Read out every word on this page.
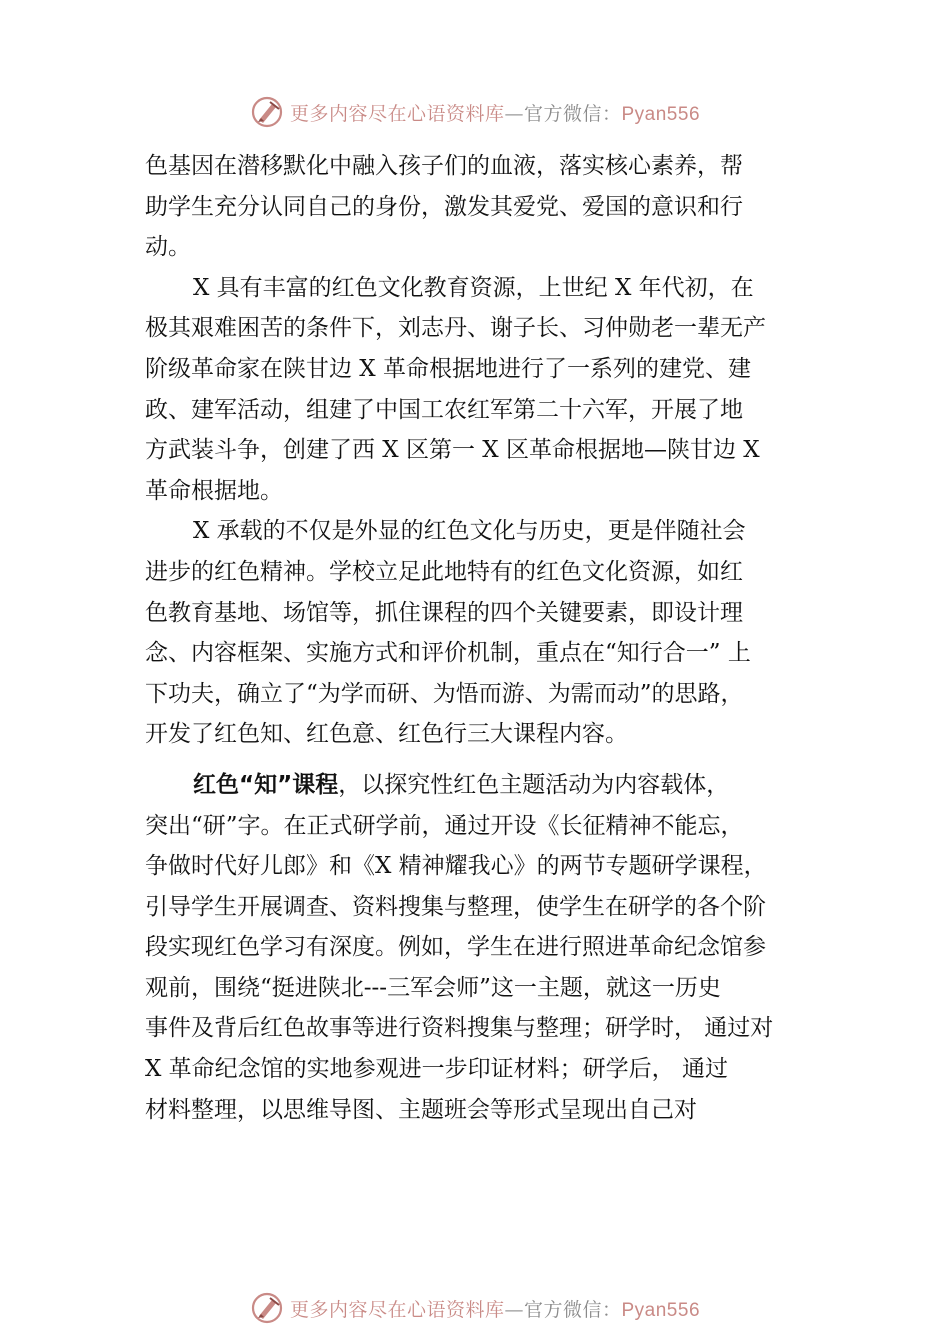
更多内容尽在心语资料库—官方微信：Pyan556
色基因在潜移默化中融入孩子们的血液，落实核心素养，帮
助学生充分认同自己的身份，激发其爱党、爱国的意识和行
动。
X 具有丰富的红色文化教育资源，上世纪 X 年代初，在
极其艰难困苦的条件下，刘志丹、谢子长、习仲勋老一辈无产
阶级革命家在陕甘边 X 革命根据地进行了一系列的建党、建
政、建军活动，组建了中国工农红军第二十六军，开展了地
方武装斗争，创建了西 X 区第一 X 区革命根据地—陕甘边 X
革命根据地。
X 承载的不仅是外显的红色文化与历史，更是伴随社会
进步的红色精神。学校立足此地特有的红色文化资源，如红
色教育基地、场馆等，抓住课程的四个关键要素，即设计理
念、内容框架、实施方式和评价机制，重点在“知行合一” 上
下功夫，确立了“为学而研、为悟而游、为需而动”的思路，
开发了红色知、红色意、红色行三大课程内容。
红色“知”课程，以探究性红色主题活动为内容载体，
突出“研”字。在正式研学前，通过开设《长征精神不能忘，
争做时代好儿郎》和《X 精神耀我心》的两节专题研学课程，
引导学生开展调查、资料搜集与整理，使学生在研学的各个阶
段实现红色学习有深度。例如，学生在进行照进革命纪念馆参
观前，围绕“挺进陕北---三军会师”这一主题，就这一历史
事件及背后红色故事等进行资料搜集与整理；研学时， 通过对
X 革命纪念馆的实地参观进一步印证材料；研学后， 通过
材料整理，以思维导图、主题班会等形式呈现出自己对
更多内容尽在心语资料库—官方微信：Pyan556
